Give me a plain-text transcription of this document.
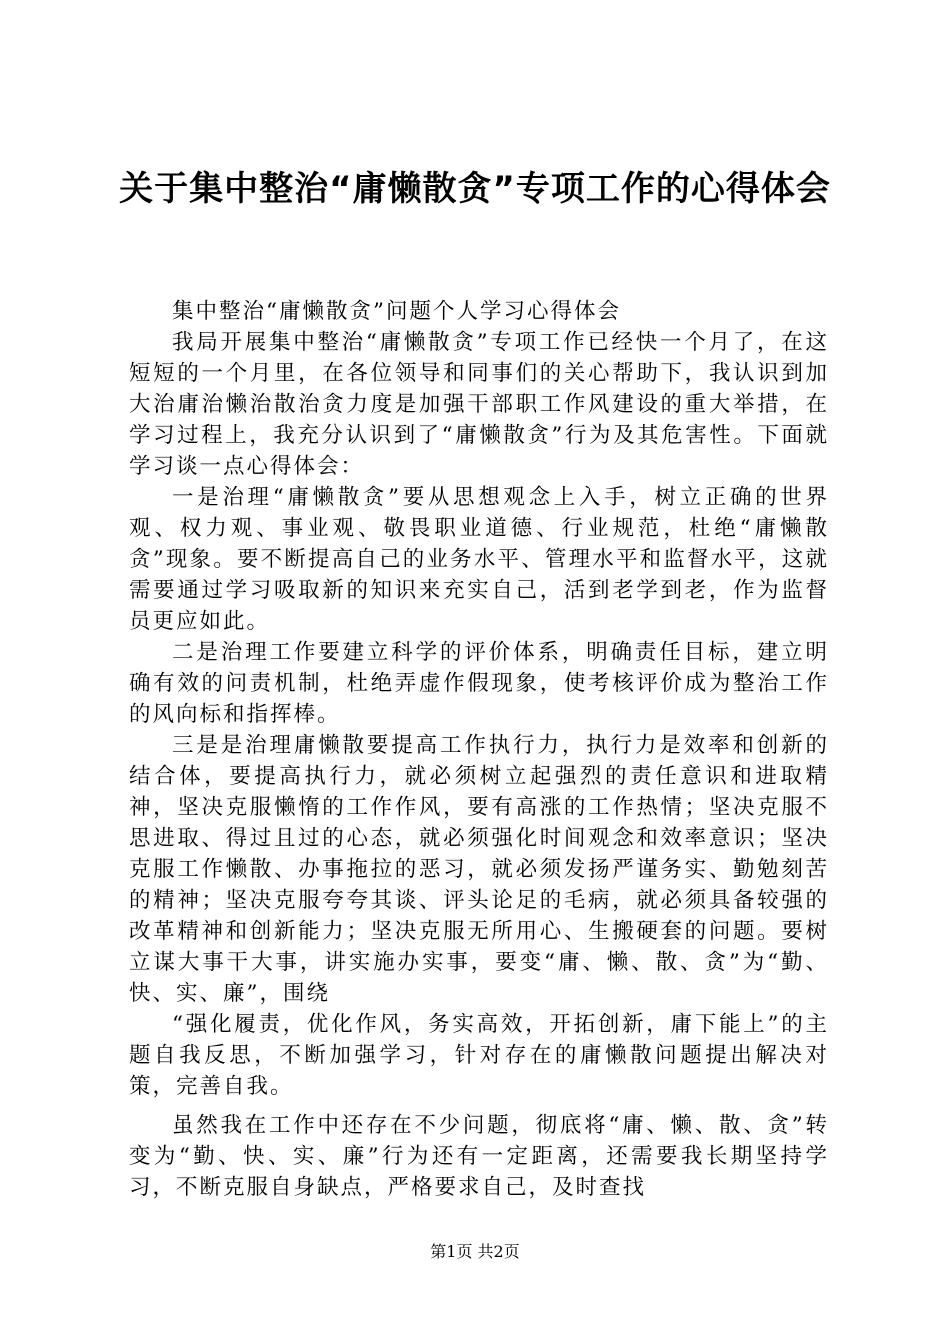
关于集中整治“庸懒散贪”专项工作的心得体会

集中整治“庸懒散贪”问题个人学习心得体会

我局开展集中整治“庸懒散贪”专项工作已经快一个月了，在这短短的一个月里，在各位领导和同事们的关心帮助下，我认识到加大治庸治懒治散治贪力度是加强干部职工作风建设的重大举措，在学习过程上，我充分认识到了“庸懒散贪”行为及其危害性。下面就学习谈一点心得体会：

一是治理“庸懒散贪”要从思想观念上入手，树立正确的世界观、权力观、事业观、敬畏职业道德、行业规范，杜绝“庸懒散贪”现象。要不断提高自己的业务水平、管理水平和监督水平，这就需要通过学习吸取新的知识来充实自己，活到老学到老，作为监督员更应如此。

二是治理工作要建立科学的评价体系，明确责任目标，建立明确有效的问责机制，杜绝弄虚作假现象，使考核评价成为整治工作的风向标和指挥棒。

三是是治理庸懒散要提高工作执行力，执行力是效率和创新的结合体，要提高执行力，就必须树立起强烈的责任意识和进取精神，坚决克服懒惰的工作作风，要有高涨的工作热情；坚决克服不思进取、得过且过的心态，就必须强化时间观念和效率意识；坚决克服工作懒散、办事拖拉的恶习，就必须发扬严谨务实、勤勉刻苦的精神；坚决克服夸夸其谈、评头论足的毛病，就必须具备较强的改革精神和创新能力；坚决克服无所用心、生搬硬套的问题。要树立谋大事干大事，讲实施办实事，要变“庸、懒、散、贪”为“勤、快、实、廉”，围绕

“强化履责，优化作风，务实高效，开拓创新，庸下能上”的主题自我反思，不断加强学习，针对存在的庸懒散问题提出解决对策，完善自我。

虽然我在工作中还存在不少问题，彻底将“庸、懒、散、贪”转变为“勤、快、实、廉”行为还有一定距离，还需要我长期坚持学习，不断克服自身缺点，严格要求自己，及时查找

第1页 共2页
